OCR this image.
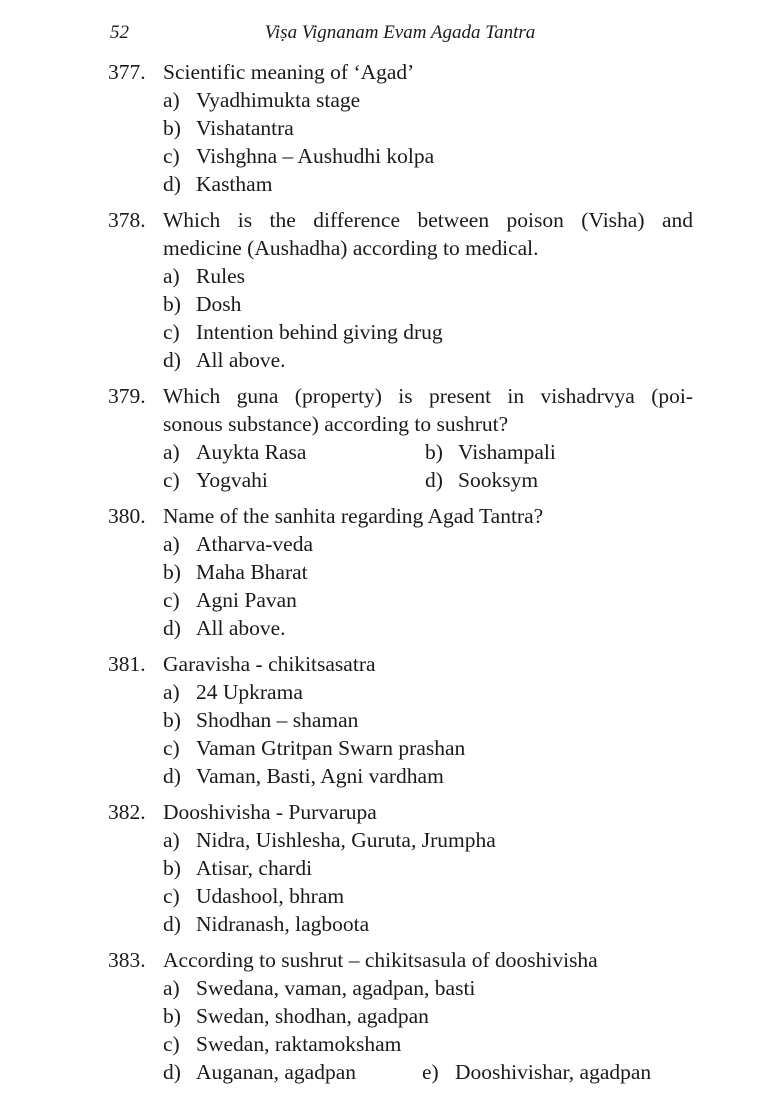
52	Viṣa Vignanam Evam Agada Tantra
377. Scientific meaning of ‘Agad’
a) Vyadhimukta stage
b) Vishatantra
c) Vishghna – Aushudhi kolpa
d) Kastham
378. Which is the difference between poison (Visha) and
medicine (Aushadha) according to medical.
a) Rules
b) Dosh
c) Intention behind giving drug
d) All above.
379. Which guna (property) is present in vishadrvya (poi-
sonous substance) according to sushrut?
a) Auykta Rasa	b) Vishampali
c) Yogvahi	d) Sooksym
380. Name of the sanhita regarding Agad Tantra?
a) Atharva-veda
b) Maha Bharat
c) Agni Pavan
d) All above.
381. Garavisha - chikitsasatra
a) 24 Upkrama
b) Shodhan – shaman
c) Vaman Gtritpan Swarn prashan
d) Vaman, Basti, Agni vardham
382. Dooshivisha - Purvarupa
a) Nidra, Uishlesha, Guruta, Jrumpha
b) Atisar, chardi
c) Udashool, bhram
d) Nidranash, lagboota
383. According to sushrut – chikitsasula of dooshivisha
a) Swedana, vaman, agadpan, basti
b) Swedan, shodhan, agadpan
c) Swedan, raktamoksham
d) Auganan, agadpan	e) Dooshivishar, agadpan
